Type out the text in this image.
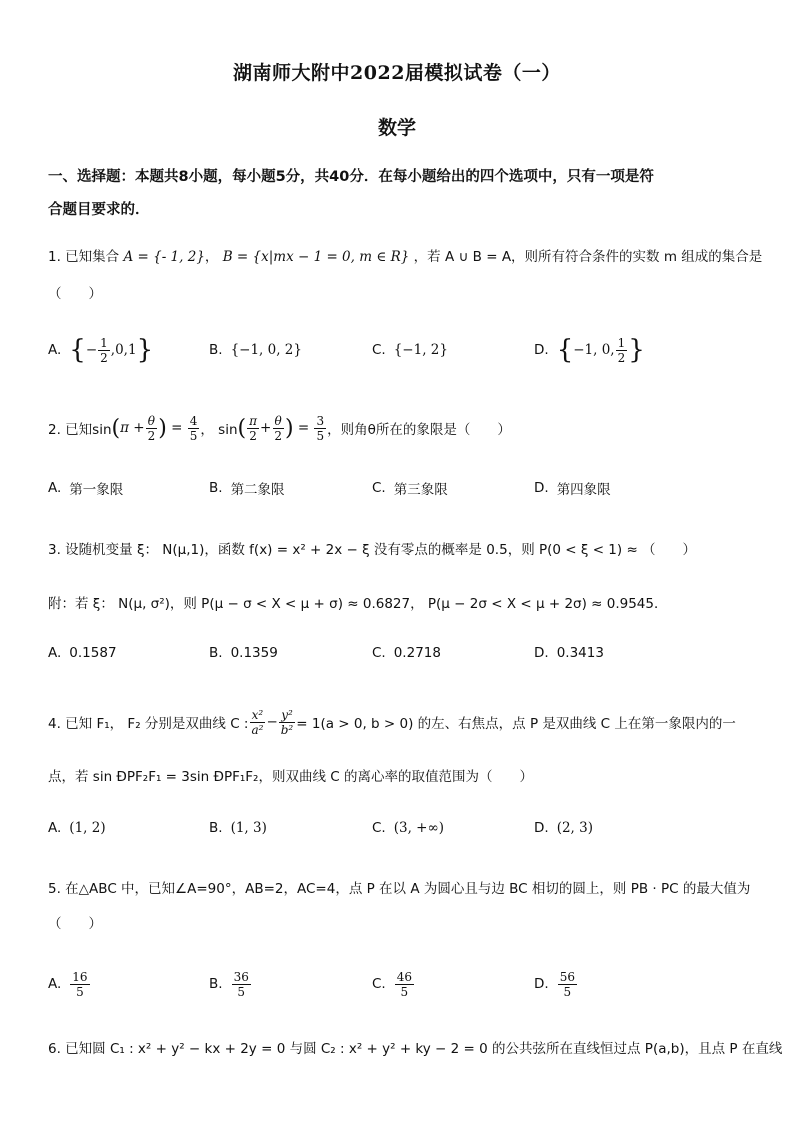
湖南师大附中2022届模拟试卷（一）
数学
一、选择题：本题共8小题，每小题5分，共40分．在每小题给出的四个选项中，只有一项是符
合题目要求的．
1. 已知集合 A = {- 1, 2}， B = {x|mx − 1 = 0, m ∈ R} ，若 A ∪ B = A，则所有符合条件的实数 m 组成的集合是
（　　）
A. { − $\frac{1}{2} ,0,1$ }	B. {−1, 0, 2}	C. {−1, 2}	D. { −1, 0, $\frac{1}{2}$ }
2. 已知sin ( $\pi + \frac{\theta}{2}$ ) = $\frac{4}{5}$ ， sin ( $\frac{\pi}{2} + \frac{\theta}{2}$ ) = $\frac{3}{5}$ ，则角θ所在的象限是（　　）
A. 第一象限	B. 第二象限	C. 第三象限	D. 第四象限
3. 设随机变量 ξ： N(μ,1)，函数 f(x) = x² + 2x − ξ 没有零点的概率是 0.5，则 P(0 < ξ < 1) ≈ （　　）
附：若 ξ： N(μ, σ²)，则 P(μ − σ < X < μ + σ) ≈ 0.6827， P(μ − 2σ < X < μ + 2σ) ≈ 0.9545．
A. 0.1587	B. 0.1359	C. 0.2718	D. 0.3413
4. 已知 F₁， F₂ 分别是双曲线 C : $\frac{\text{x²}}{\text{a²}} - \frac{\text{y²}}{\text{b²}} = 1(a > 0$, b > 0) 的左、右焦点，点 P 是双曲线 C 上在第一象限内的一
点，若 sin ÐPF₂F₁ = 3sin ÐPF₁F₂，则双曲线 C 的离心率的取值范围为（　　）
A. (1, 2)	B. (1, 3)	C. (3, +∞)	D. (2, 3)
5. 在△ABC 中，已知∠A=90°，AB=2，AC=4，点 P 在以 A 为圆心且与边 BC 相切的圆上，则 PB · PC 的最大值为
（　　）
A. $\frac{16}{5}$	B. $\frac{36}{5}$	C. $\frac{46}{5}$	D. $\frac{56}{5}$
6. 已知圆 C₁ : x² + y² − kx + 2y = 0 与圆 C₂ : x² + y² + ky − 2 = 0 的公共弦所在直线恒过点 P(a,b)，且点 P 在直线
